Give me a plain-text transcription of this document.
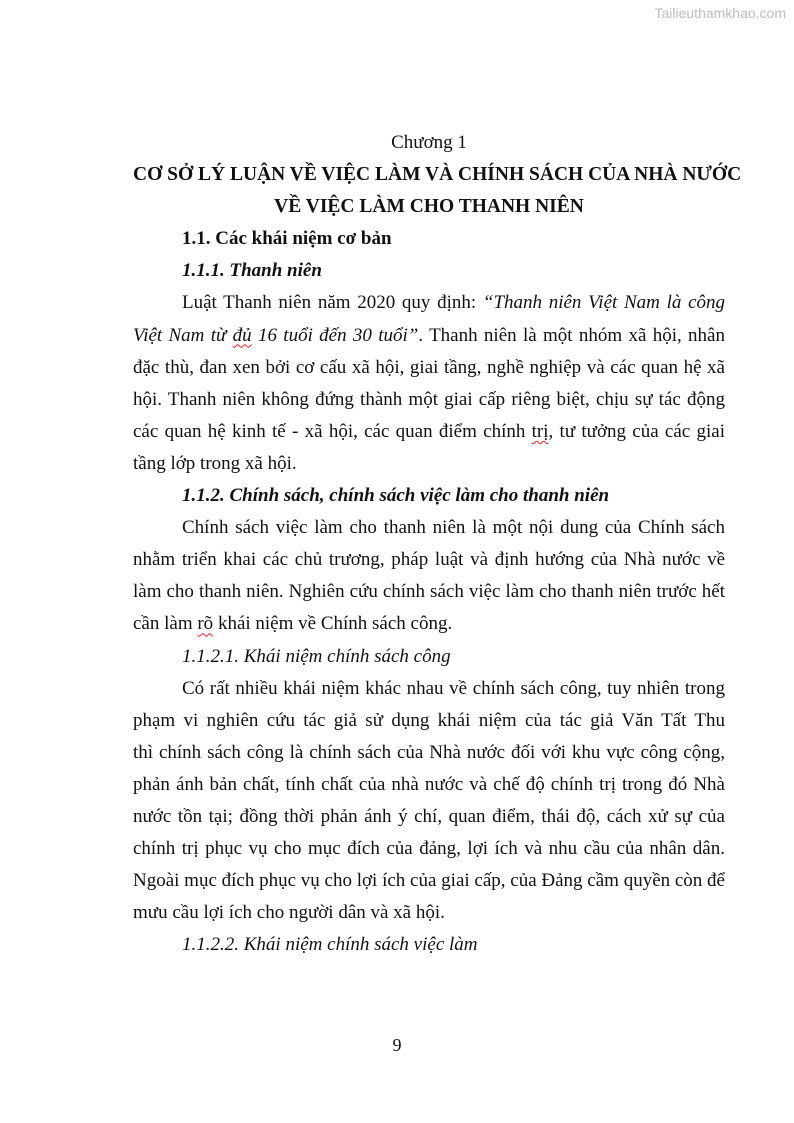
Tailieuthamkhao.com
Chương 1
CƠ SỞ LÝ LUẬN VỀ VIỆC LÀM VÀ CHÍNH SÁCH CỦA NHÀ NƯỚC
VỀ VIỆC LÀM CHO THANH NIÊN
1.1. Các khái niệm cơ bản
1.1.1. Thanh niên
Luật Thanh niên năm 2020 quy định: “Thanh niên Việt Nam là công
Việt Nam từ đủ 16 tuổi đến 30 tuổi”. Thanh niên là một nhóm xã hội, nhân
đặc thù, đan xen bởi cơ cấu xã hội, giai tầng, nghề nghiệp và các quan hệ xã
hội. Thanh niên không đứng thành một giai cấp riêng biệt, chịu sự tác động
các quan hệ kinh tế - xã hội, các quan điểm chính trị, tư tưởng của các giai
tầng lớp trong xã hội.
1.1.2. Chính sách, chính sách việc làm cho thanh niên
Chính sách việc làm cho thanh niên là một nội dung của Chính sách
nhằm triển khai các chủ trương, pháp luật và định hướng của Nhà nước về
làm cho thanh niên. Nghiên cứu chính sách việc làm cho thanh niên trước hết
cần làm rõ khái niệm về Chính sách công.
1.1.2.1. Khái niệm chính sách công
Có rất nhiều khái niệm khác nhau về chính sách công, tuy nhiên trong
phạm vi nghiên cứu tác giả sử dụng khái niệm của tác giả Văn Tất Thu
thì chính sách công là chính sách của Nhà nước đối với khu vực công cộng,
phản ánh bản chất, tính chất của nhà nước và chế độ chính trị trong đó Nhà
nước tồn tại; đồng thời phản ánh ý chí, quan điểm, thái độ, cách xử sự của
chính trị phục vụ cho mục đích của đảng, lợi ích và nhu cầu của nhân dân.
Ngoài mục đích phục vụ cho lợi ích của giai cấp, của Đảng cầm quyền còn để
mưu cầu lợi ích cho người dân và xã hội.
1.1.2.2. Khái niệm chính sách việc làm
9
